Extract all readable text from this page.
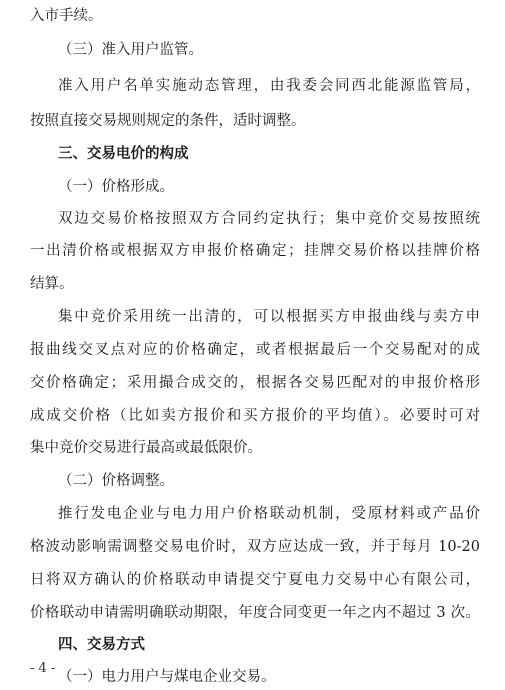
入市手续。
（三）准入用户监管。
准入用户名单实施动态管理，由我委会同西北能源监管局，
按照直接交易规则规定的条件，适时调整。
三、交易电价的构成
（一）价格形成。
双边交易价格按照双方合同约定执行；集中竞价交易按照统
一出清价格或根据双方申报价格确定；挂牌交易价格以挂牌价格
结算。
集中竞价采用统一出清的，可以根据买方申报曲线与卖方申
报曲线交叉点对应的价格确定，或者根据最后一个交易配对的成
交价格确定；采用撮合成交的，根据各交易匹配对的申报价格形
成成交价格（比如卖方报价和买方报价的平均值）。必要时可对
集中竞价交易进行最高或最低限价。
（二）价格调整。
推行发电企业与电力用户价格联动机制，受原材料或产品价
格波动影响需调整交易电价时，双方应达成一致，并于每月 10-20
日将双方确认的价格联动申请提交宁夏电力交易中心有限公司，
价格联动申请需明确联动期限，年度合同变更一年之内不超过 3 次。
四、交易方式
（一）电力用户与煤电企业交易。
- 4 -
